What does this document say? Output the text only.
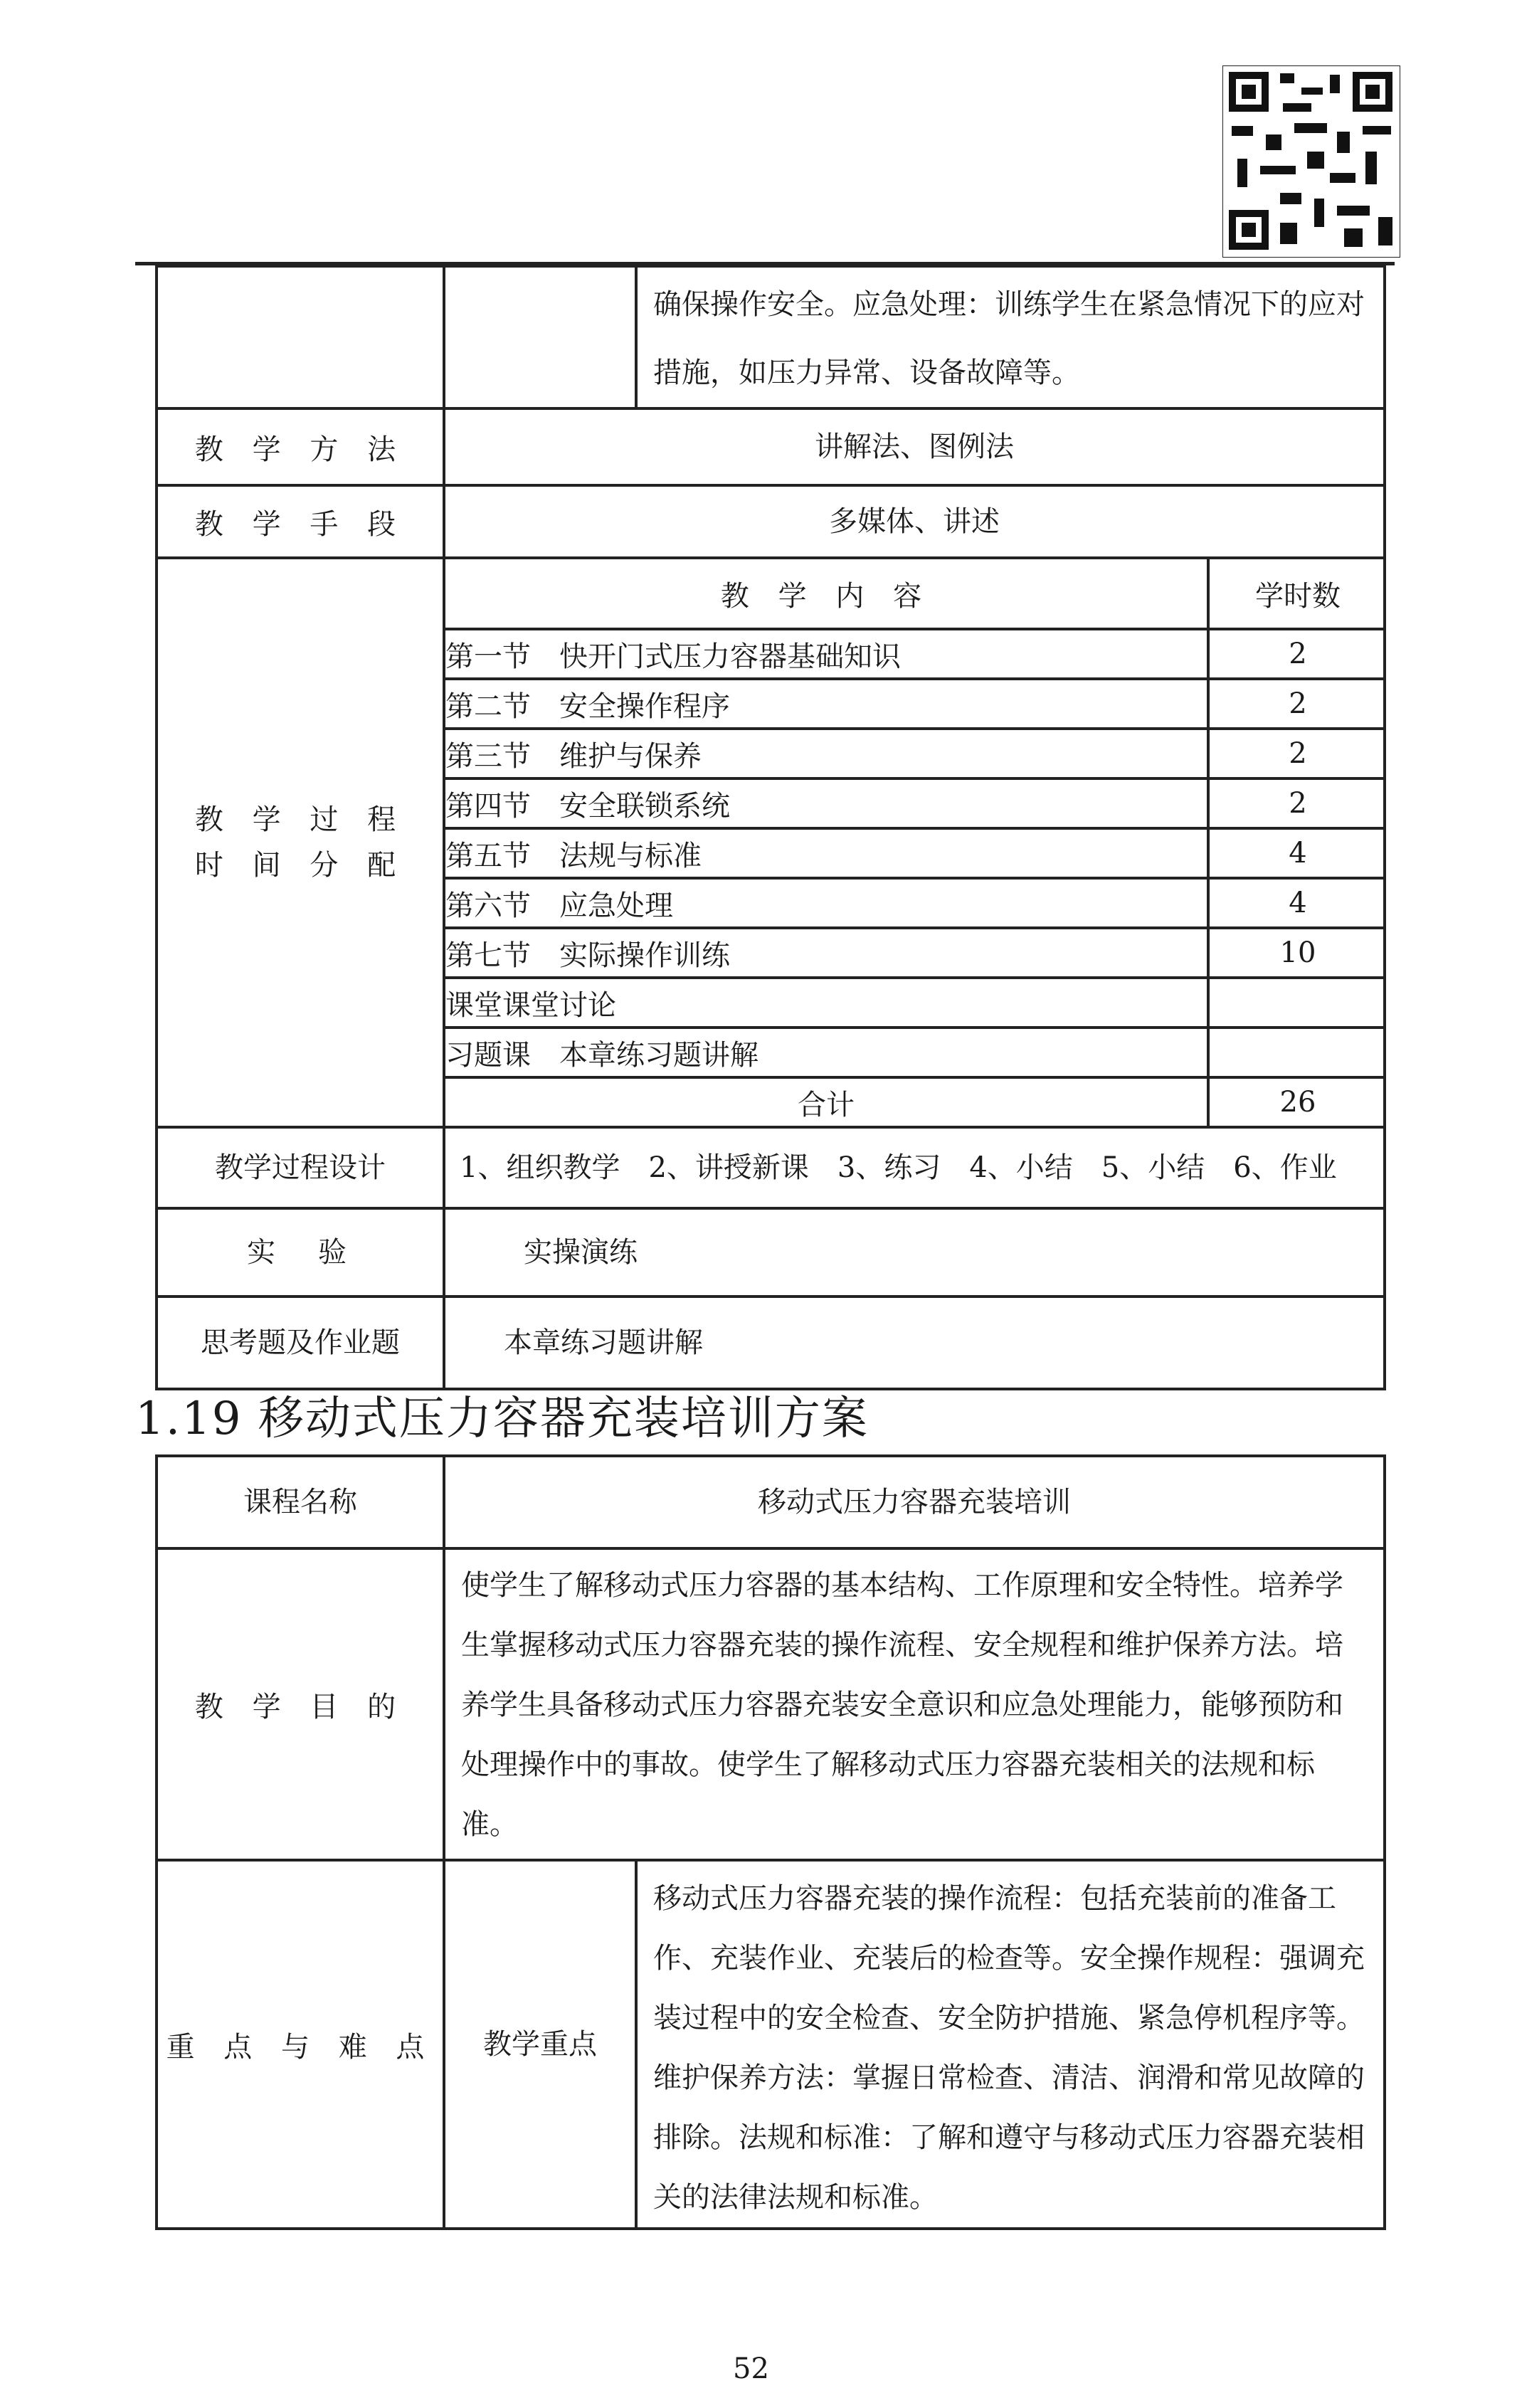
		确保操作安全。应急处理：训练学生在紧急情况下的应对措施，如压力异常、设备故障等。
教 学 方 法	讲解法、图例法
教 学 手 段	多媒体、讲述

教 学 过 程
时 间 分 配

教 学 内 容	学时数
第一节　快开门式压力容器基础知识	2
第二节　安全操作程序	2
第三节　维护与保养	2
第四节　安全联锁系统	2
第五节　法规与标准	4
第六节　应急处理	4
第七节　实际操作训练	10
课堂课堂讨论	
习题课　本章练习题讲解	
合计	26

教学过程设计	1、组织教学　2、讲授新课　3、练习　4、小结　5、小结　6、作业
实　验	实操演练
思考题及作业题	本章练习题讲解
1.19 移动式压力容器充装培训方案
课程名称	移动式压力容器充装培训	
教 学 目 的	使学生了解移动式压力容器的基本结构、工作原理和安全特性。培养学生掌握移动式压力容器充装的操作流程、安全规程和维护保养方法。培养学生具备移动式压力容器充装安全意识和应急处理能力，能够预防和处理操作中的事故。使学生了解移动式压力容器充装相关的法规和标准。	
重 点 与 难 点	教学重点	移动式压力容器充装的操作流程：包括充装前的准备工作、充装作业、充装后的检查等。安全操作规程：强调充装过程中的安全检查、安全防护措施、紧急停机程序等。维护保养方法：掌握日常检查、清洁、润滑和常见故障的排除。法规和标准：了解和遵守与移动式压力容器充装相关的法律法规和标准。
52
